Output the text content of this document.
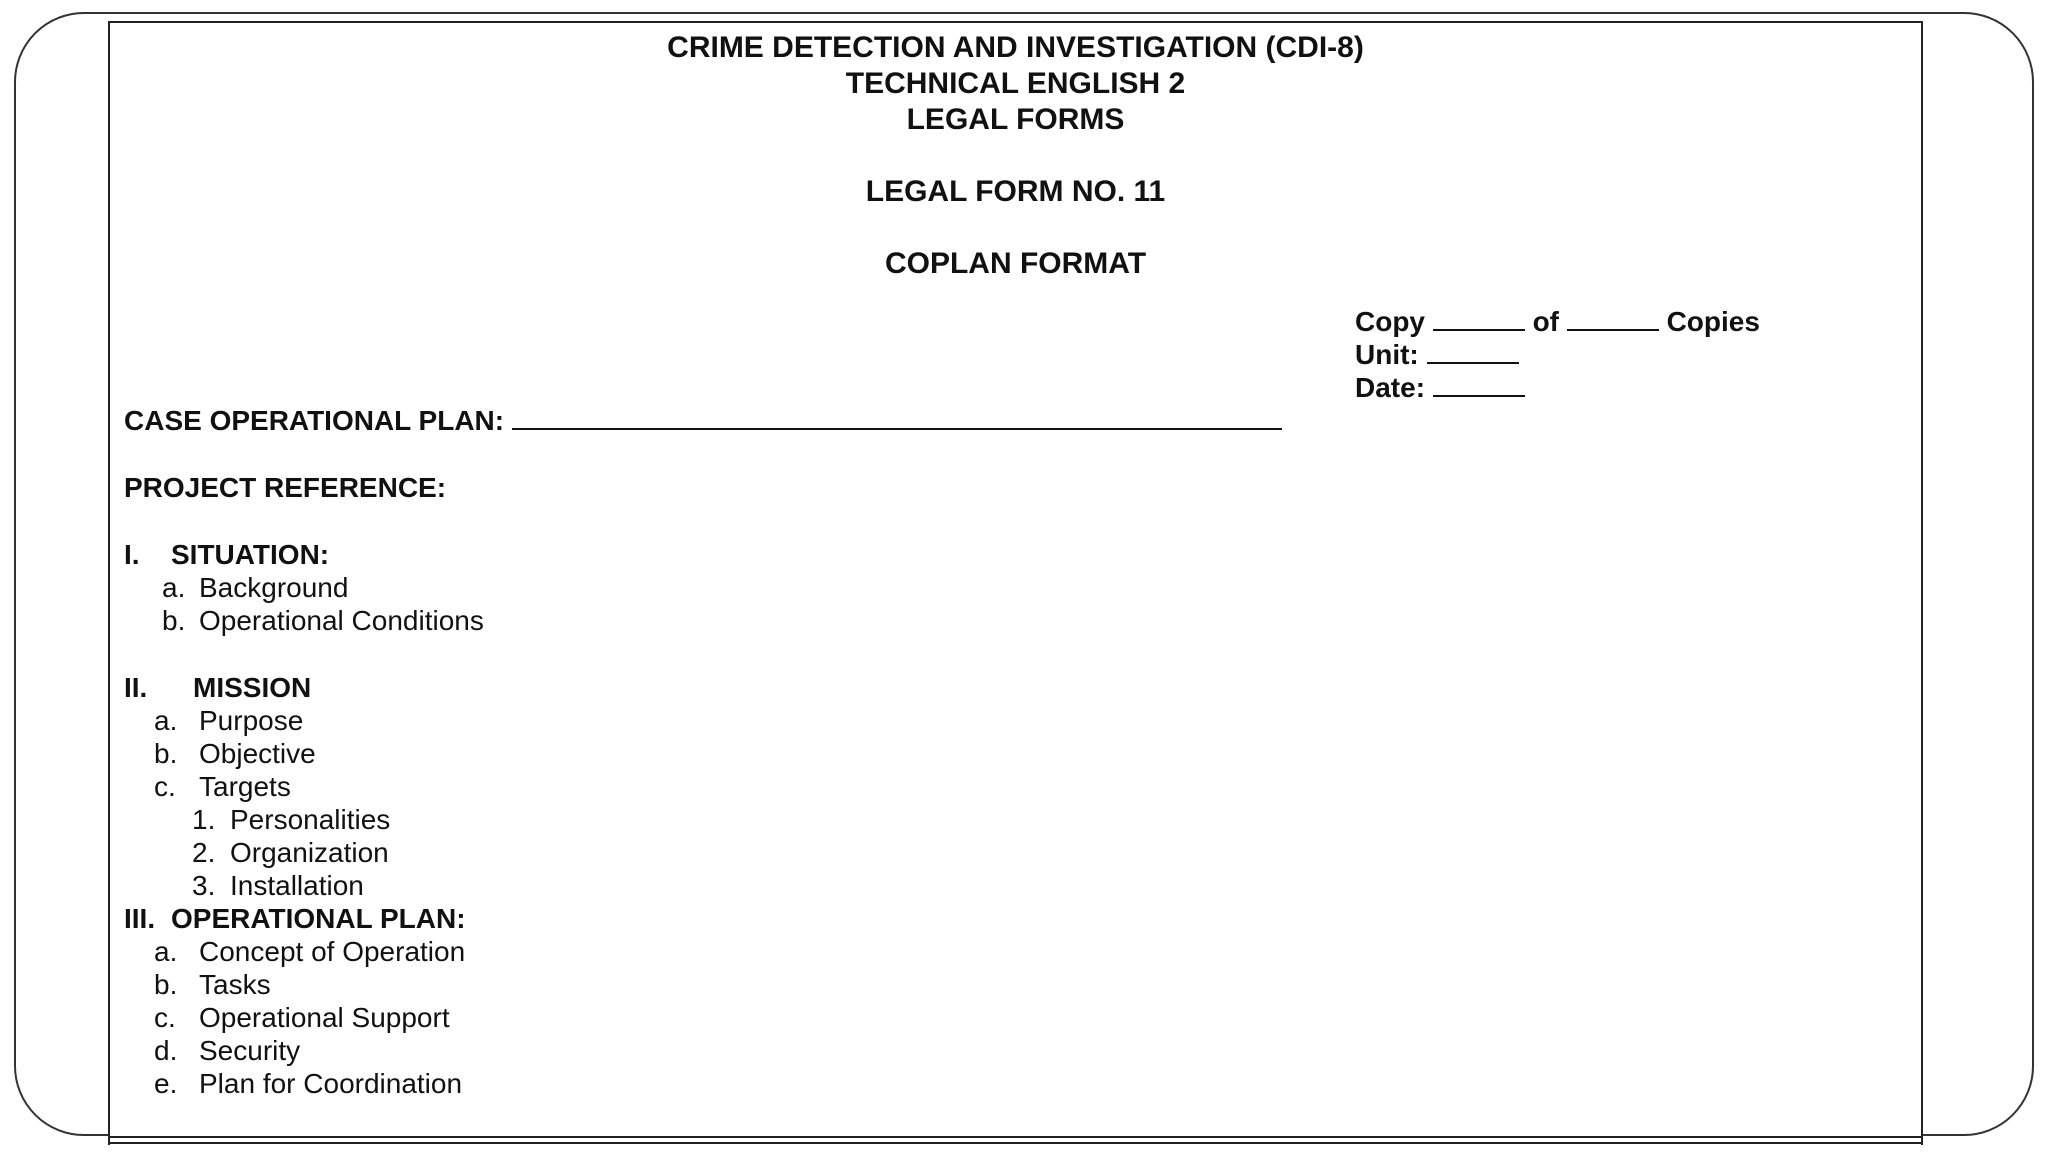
CRIME DETECTION AND INVESTIGATION (CDI-8)
TECHNICAL ENGLISH 2
LEGAL FORMS
LEGAL FORM NO. 11
COPLAN FORMAT
Copy	of	Copies
Unit:
Date:
CASE OPERATIONAL PLAN:
PROJECT REFERENCE:
I. SITUATION:
a. Background
b. Operational Conditions
II. MISSION
a. Purpose
b. Objective
c. Targets
1. Personalities
2. Organization
3. Installation
III. OPERATIONAL PLAN:
a. Concept of Operation
b. Tasks
c. Operational Support
d. Security
e. Plan for Coordination
